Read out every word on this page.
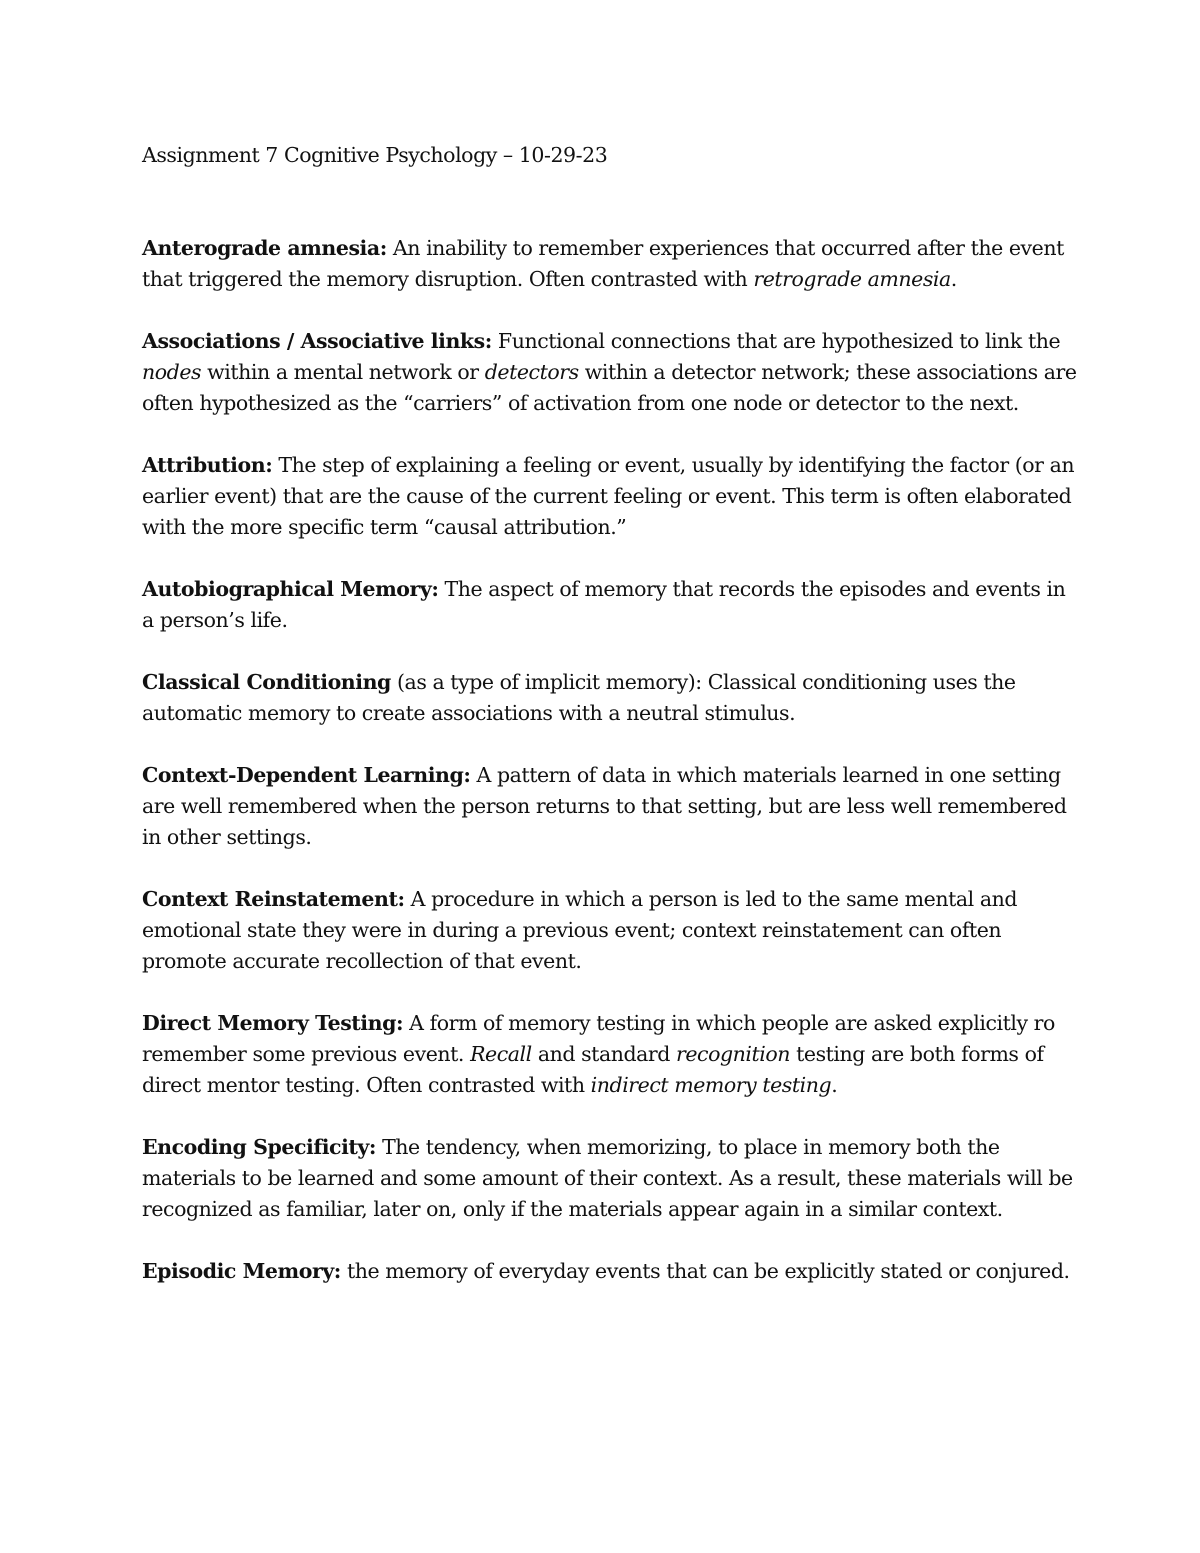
Assignment 7 Cognitive Psychology – 10-29-23

Anterograde amnesia: An inability to remember experiences that occurred after the event that triggered the memory disruption. Often contrasted with retrograde amnesia.

Associations / Associative links: Functional connections that are hypothesized to link the nodes within a mental network or detectors within a detector network; these associations are often hypothesized as the “carriers” of activation from one node or detector to the next.

Attribution: The step of explaining a feeling or event, usually by identifying the factor (or an earlier event) that are the cause of the current feeling or event. This term is often elaborated with the more specific term “causal attribution.”

Autobiographical Memory: The aspect of memory that records the episodes and events in a person’s life.

Classical Conditioning (as a type of implicit memory): Classical conditioning uses the automatic memory to create associations with a neutral stimulus.

Context-Dependent Learning: A pattern of data in which materials learned in one setting are well remembered when the person returns to that setting, but are less well remembered in other settings.

Context Reinstatement: A procedure in which a person is led to the same mental and emotional state they were in during a previous event; context reinstatement can often promote accurate recollection of that event.

Direct Memory Testing: A form of memory testing in which people are asked explicitly ro remember some previous event. Recall and standard recognition testing are both forms of direct mentor testing. Often contrasted with indirect memory testing.

Encoding Specificity: The tendency, when memorizing, to place in memory both the materials to be learned and some amount of their context. As a result, these materials will be recognized as familiar, later on, only if the materials appear again in a similar context.

Episodic Memory: the memory of everyday events that can be explicitly stated or conjured.
